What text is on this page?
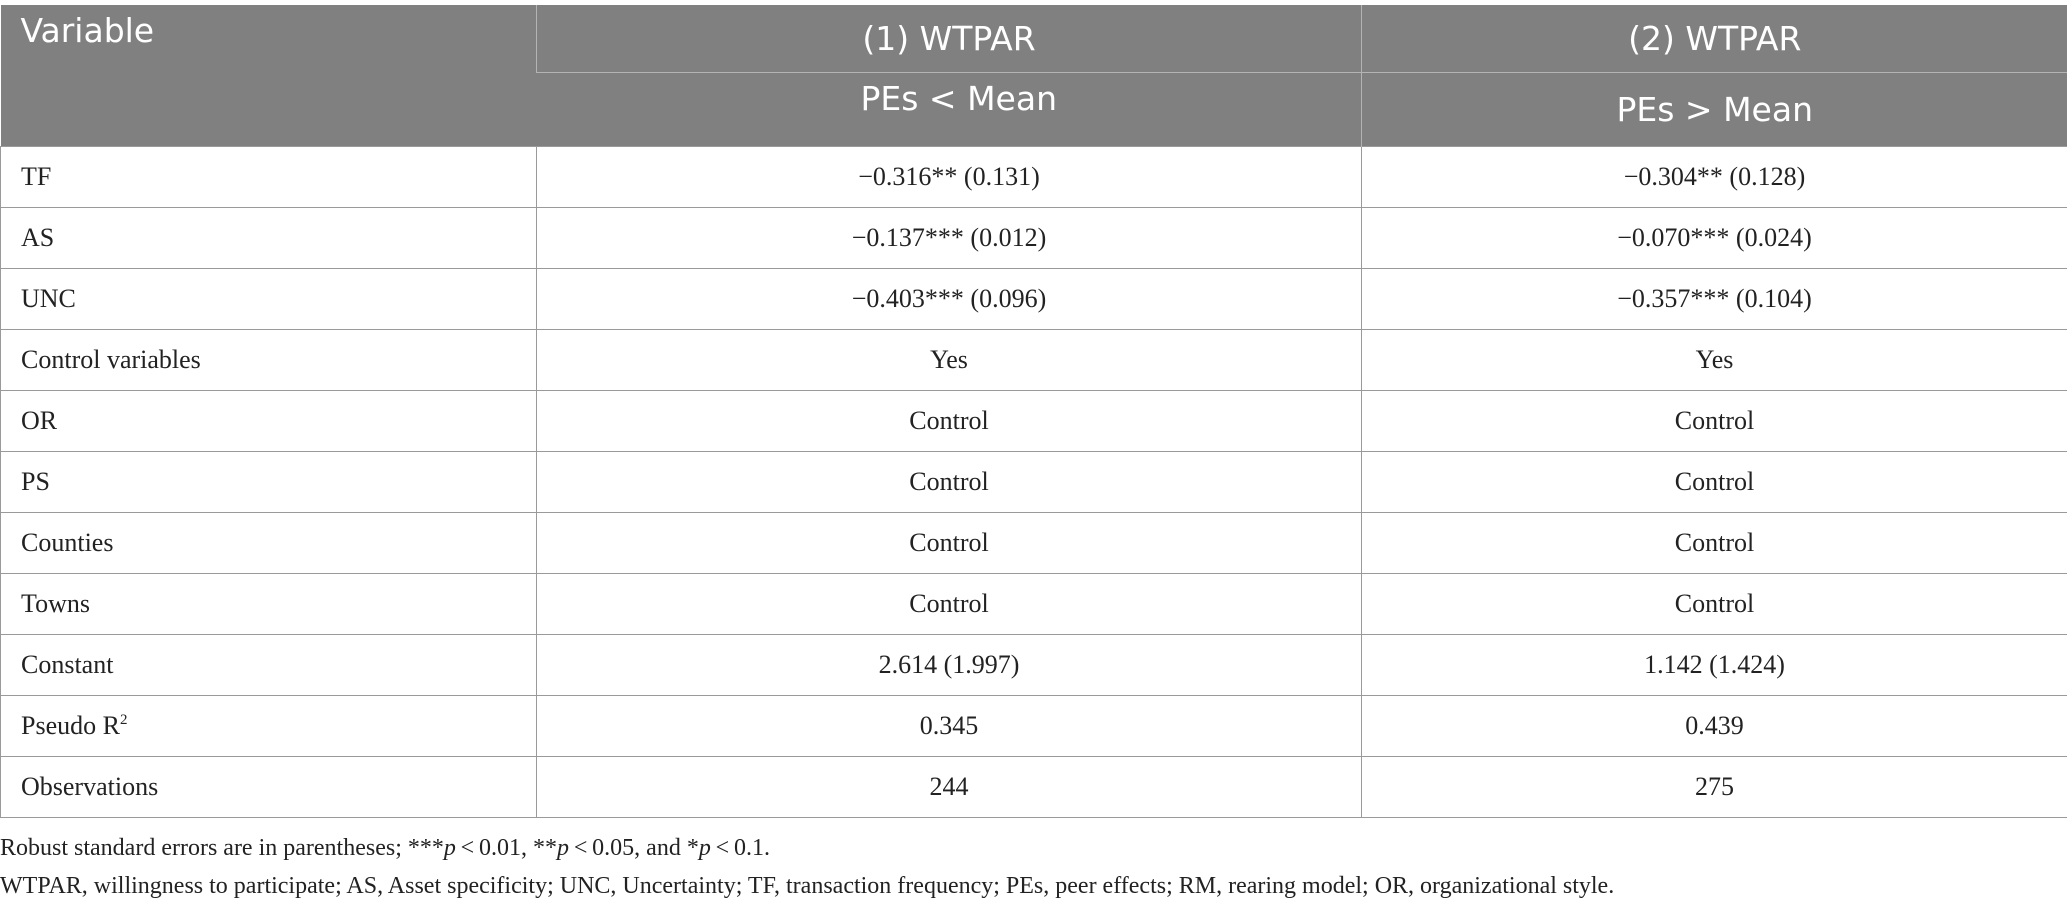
Variable	(1) WTPAR	(2) WTPAR
	PEs < Mean	PEs > Mean
TF	−0.316** (0.131)	−0.304** (0.128)
AS	−0.137*** (0.012)	−0.070*** (0.024)
UNC	−0.403*** (0.096)	−0.357*** (0.104)
Control variables	Yes	Yes
OR	Control	Control
PS	Control	Control
Counties	Control	Control
Towns	Control	Control
Constant	2.614 (1.997)	1.142 (1.424)
Pseudo $R^2$	0.345	0.439
Observations	244	275
Robust standard errors are in parentheses; ***p < 0.01, **p < 0.05, and *p < 0.1.
WTPAR, willingness to participate; AS, Asset specificity; UNC, Uncertainty; TF, transaction frequency; PEs, peer effects; RM, rearing model; OR, organizational style.
